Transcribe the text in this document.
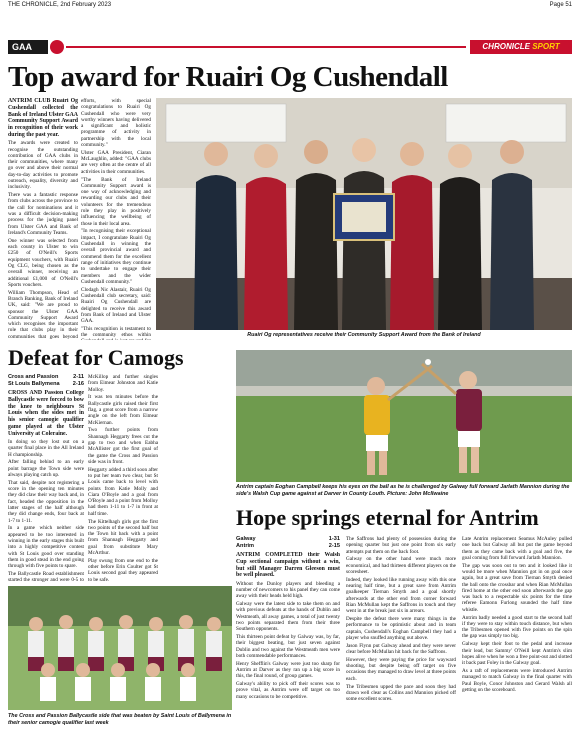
THE CHRONICLE, 2nd February 2023	Page 51
GAA	CHRONICLE SPORT
Top award for Ruairi Og Cushendall

ANTRIM CLUB Ruairi Og Cushendall collected the Bank of Ireland Ulster GAA Community Support Award in recognition of their work during the past year.

The awards were created to recognise the outstanding contribution of GAA clubs in their communities, where many go over and above their normal day-to-day activities to promote outreach, equality, diversity and inclusivity.

There was a fantastic response from clubs across the province to the call for nominations and it was a difficult decision-making process for the judging panel from Ulster GAA and Bank of Ireland's Community Teams.

One winner was selected from each county in Ulster to win £250 of O'Neill's Sports equipment vouchers, with Ruairi Og CLG, being chosen as the overall winner, receiving an additional £1,000 of O'Neill's Sports vouchers.

William Thompson, Head of Branch Banking, Bank of Ireland UK, said: "We are proud to sponsor the Ulster GAA Community Support Award which recognises the important role that clubs play in their communities that goes beyond

efforts, with special congratulations to Ruairi Og Cushendall who were very worthy winners having delivered a significant and holistic programme of activity in partnership with the local community."

Ulster GAA President, Ciaran McLaughlin, added: "GAA clubs are very often at the centre of all activities in their communities.

"The Bank of Ireland Community Support award is one way of acknowledging and rewarding our clubs and their volunteers for the tremendous role they play in positively influencing the wellbeing of those in their local area.

"In recognising their exceptional impact, I congratulate Ruairi Og Cushendall in winning the overall provincial award and commend them for the excellent range of initiatives they continue to undertake to engage their members and the wider Cushendall community."

Clodagh Nic Alastair, Ruairi Og Cushendall club secretary, said: Ruairi Og Cushendall are delighted to receive this award from Bank of Ireland and Ulster GAA.

"This recognition is testament to the community ethos within	Ruairi Og representatives receive their Community Support Award from the Bank of Ireland
Defeat for Camogs
Cross and Passion	2-11
St Louis Ballymena 2-16

CROSS AND Passion College Ballycastle were forced to bow the knee to neighbours St Louis when the sides met in his senior camogie qualifier game played at the Ulster University at Coleraine.

In doing so they lost out on a quarter final place in the All Ireland H championship.

After falling behind to an early point barrage the Town side were always playing catch up.

That said, despite not registering a score in the opening ten minutes they did claw their way back and, in fact, headed the opposition in the latter stages of the half although they did change ends, four back at 1-7 to 1-11.

In a game which neither side appeared to be too interested in winning in the early stages this built into a highly competitive contest with St Louis good over standing them in good stead in the end going through with five points to spare.

The Ballycastle Road establishment started the stronger and were 0-5 to

McKillop and further singles from Eimear Johnston and Katie Molloy.

It was ten minutes before the Ballycastle girls raised their first flag, a great score from a narrow angle on the left from Eimear McKiernan.

Two further points from Shannagh Heggarty frees cut the gap to two and when Eabha McAllister got the first goal of the game the Cross and Passion side was in front.

Heggarty added a third soon after to put her team two clear, but St Louis came back to level with points from Katie Molly and Ciara O'Boyle and a goal from O'Boyle and a point from Molloy had them 1-11 to 1-7 in front at half time.

The Kittelhagh girls got the first two points of the second half but the Town hit back with a point from Shannagh Heggarty and goal from substitute Mary McArthur.

Play swung from one end to the other before Erin Coulter got St Louis second goal they appeared to be safe.

The Cross and Passion Ballycastle side that was beaten by Saint Louis of Ballymena in their senior camogie qualifier last week
Antrim captain Eoghan Campbell keeps his eyes on the ball as he is challenged by Galway full forward Jarlath Mannion during the side's Walsh Cup game against at Darver in County Louth. Picture: John McIlwaine
Hope springs eternal for Antrim
Galway	1-31
Antrim	2-15

ANTRIM COMPLETED their Walsh Cup sectional campaign without a win, but still Manager Darren Gleeson must be well pleased.

Without the Dunloy players and bleeding a number of newcomers to his panel they can come away with their heads held high.

Galway were the latest side to take them on and with previous defeats at the hands of Dublin and Westmeath, all away games, a total of just twenty two points separated them from their three Southern opponents.

This thirteen point defeat by Galway was, by far, their biggest beating, but just seven against Dublin and two against the Westmeath men were both commendable performances.

Henry Shefflin's Galway were just too sharp for Antrim at Darver as they ran up a big score in this, the final round, of group games.

Galway's ability to pick off their scores was to prove vital, as Antrim were off target on too many occasions to be competitive.

The Saffrons had plenty of possession during the opening quarter but just one point from six early attempts put them on the back foot.

Galway on the other hand were much more economical, and had thirteen different players on the scoresheet.

Indeed, they looked like running away with this one nearing half time, but a great save from Antrim goalkeeper Tiernan Smyth and a goal shortly afterwards at the other end from corner forward Rian McMullan kept the Saffrons in touch and they went in at the break just six in arrears.

Despite the defeat there were many things in the performance to be optimistic about and in team captain, Cushendall's Eoghan Campbell they had a player who snuffed anything out above.

Jason Flynn put Galway ahead and they were never clear before McMullan hit back for the Saffrons.

However, they were paying the price for wayward shooting, but despite being off target on five occasions they managed to draw level at three points each.

The Tribesmen upped the pace and soon they had drawn well clear as Collins and Mannion picked off some excellent scores.

Late Antrim replacement Seamus McAuley pulled one back but Galway all but put the game beyond them as they came back with a goal and five, the goal coming from full forward Jarlath Mannion.

The gap was soon out to ten and it looked like it would be more when Mannion got in on goal once again, but a great save from Tiernan Smyth denied the ball onto the crossbar and when Rian McMullan fired home at the other end soon afterwards the gap was back to a respectable six points for the time referee Eamonn Furlong sounded the half time whistle.

Antrim badly needed a good start to the second half if they were to stay within touch distance, but when the Tribesmen opened with five points on the spin the gap was simply too big.

Galway kept their foot to the pedal and increase their lead, but Sammy' O'Neill kept Antrim's slim hopes alive when he won a free point-out and slotted it back past Foley in the Galway goal.

As a raft of replacements were introduced Antrim managed to match Galway in the final quarter with Paul Boyle, Conor Johnston and Gerard Walsh all getting on the scoreboard.
